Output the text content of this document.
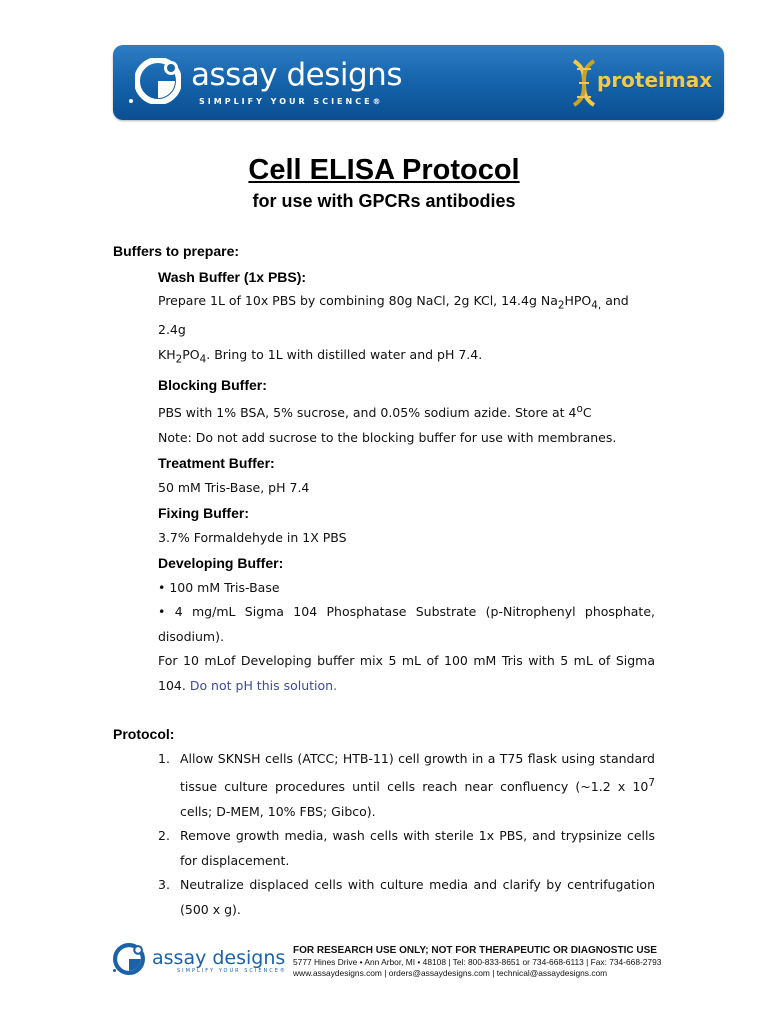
assay designs
SIMPLIFY YOUR SCIENCE®
proteimax
Cell ELISA Protocol
for use with GPCRs antibodies
Buffers to prepare:
Wash Buffer (1x PBS):
Prepare 1L of 10x PBS by combining 80g NaCl, 2g KCl, 14.4g $Na_2HPO_{4,}$ and 2.4g
$KH_2PO_4$. Bring to 1L with distilled water and pH 7.4.
Blocking Buffer:
PBS with 1% BSA, 5% sucrose, and 0.05% sodium azide. Store at 4$^o$C
Note: Do not add sucrose to the blocking buffer for use with membranes.
Treatment Buffer:
50 mM Tris-Base, pH 7.4
Fixing Buffer:
3.7% Formaldehyde in 1X PBS
Developing Buffer:
• 100 mM Tris-Base
• 4 mg/mL Sigma 104 Phosphatase Substrate (p-Nitrophenyl phosphate, disodium).
For 10 mLof Developing buffer mix 5 mL of 100 mM Tris with 5 mL of Sigma 104. Do not pH this solution.
Protocol:
1. Allow SKNSH cells (ATCC; HTB-11) cell growth in a T75 flask using standard tissue culture procedures until cells reach near confluency (~1.2 x $10^7$ cells; D-MEM, 10% FBS; Gibco).
2. Remove growth media, wash cells with sterile 1x PBS, and trypsinize cells for displacement.
3. Neutralize displaced cells with culture media and clarify by centrifugation (500 x g).
assay designs
SIMPLIFY YOUR SCIENCE®
FOR RESEARCH USE ONLY; NOT FOR THERAPEUTIC OR DIAGNOSTIC USE
5777 Hines Drive • Ann Arbor, MI • 48108 | Tel: 800-833-8651 or 734-668-6113 | Fax: 734-668-2793
www.assaydesigns.com | orders@assaydesigns.com | technical@assaydesigns.com
